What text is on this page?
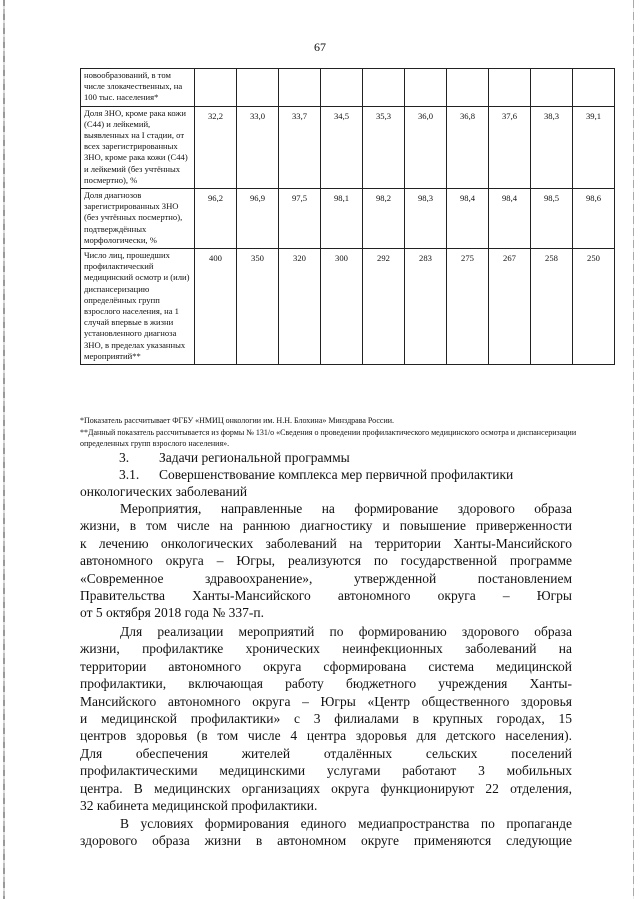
67
новообразований, в том числе злокачественных, на 100 тыс. населения*										
Доля ЗНО, кроме рака кожи (С44) и лейкемий, выявленных на I стадии, от всех зарегистрированных ЗНО, кроме рака кожи (С44) и лейкемий (без учтённых посмертно), %	32,2	33,0	33,7	34,5	35,3	36,0	36,8	37,6	38,3	39,1
Доля диагнозов зарегистрированных ЗНО (без учтённых посмертно), подтверждённых морфологически, %	96,2	96,9	97,5	98,1	98,2	98,3	98,4	98,4	98,5	98,6
Число лиц, прошедших профилактический медицинский осмотр и (или) диспансеризацию определённых групп взрослого населения, на 1 случай впервые в жизни установленного диагноза ЗНО, в пределах указанных мероприятий**	400	350	320	300	292	283	275	267	258	250
*Показатель рассчитывает ФГБУ «НМИЦ онкологии им. Н.Н. Блохина» Минздрава России.
**Данный показатель рассчитывается из формы № 131/о «Сведения о проведении профилактического медицинского осмотра и диспансеризации определенных групп взрослого населения».
3. Задачи региональной программы
3.1. Совершенствование комплекса мер первичной профилактики
онкологических заболеваний
Мероприятия, направленные на формирование здорового образа
жизни, в том числе на раннюю диагностику и повышение приверженности
к лечению онкологических заболеваний на территории Ханты-Мансийского
автономного округа – Югры, реализуются по государственной программе
«Современное здравоохранение», утвержденной постановлением
Правительства Ханты-Мансийского автономного округа – Югры
от 5 октября 2018 года № 337-п.
Для реализации мероприятий по формированию здорового образа
жизни, профилактике хронических неинфекционных заболеваний на
территории автономного округа сформирована система медицинской
профилактики, включающая работу бюджетного учреждения Ханты-
Мансийского автономного округа – Югры «Центр общественного здоровья
и медицинской профилактики» с 3 филиалами в крупных городах, 15
центров здоровья (в том числе 4 центра здоровья для детского населения).
Для обеспечения жителей отдалённых сельских поселений
профилактическими медицинскими услугами работают 3 мобильных
центра. В медицинских организациях округа функционируют 22 отделения,
32 кабинета медицинской профилактики.
В условиях формирования единого медиапространства по пропаганде
здорового образа жизни в автономном округе применяются следующие
